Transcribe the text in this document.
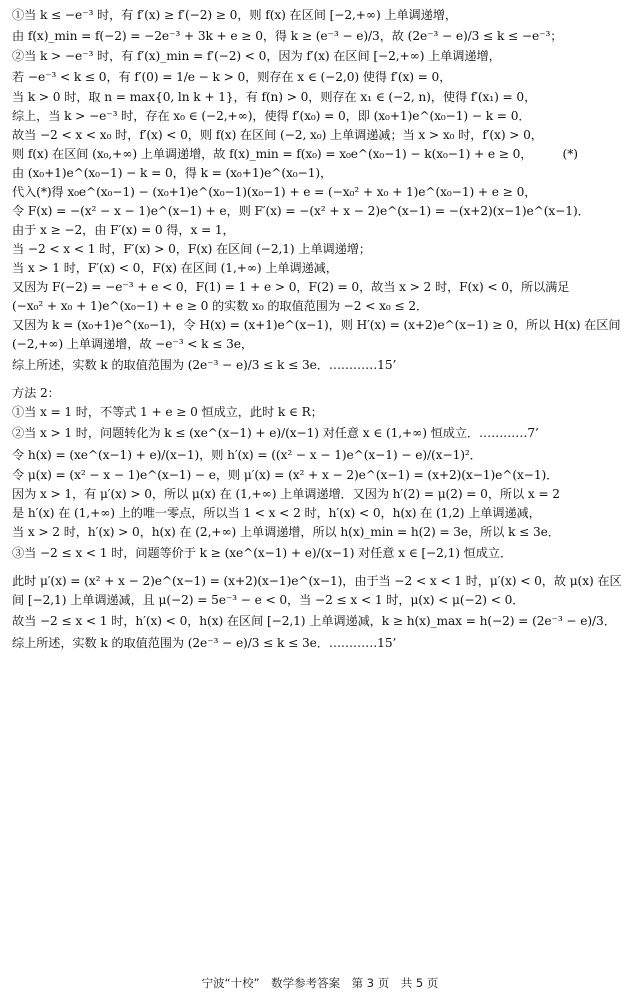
①当 k ≤ −e⁻³ 时，有 f′(x) ≥ f′(−2) ≥ 0，则 f(x) 在区间 [−2,+∞) 上单调递增，
由 f(x)_min = f(−2) = −2e⁻³ + 3k + e ≥ 0，得 k ≥ (e⁻³ − e)/3，故 (2e⁻³ − e)/3 ≤ k ≤ −e⁻³；
②当 k > −e⁻³ 时，有 f′(x)_min = f′(−2) < 0，因为 f′(x) 在区间 [−2,+∞) 上单调递增，
若 −e⁻³ < k ≤ 0，有 f′(0) = 1/e − k > 0，则存在 x ∈ (−2,0) 使得 f′(x) = 0，
当 k > 0 时，取 n = max{0, ln k + 1}，有 f(n) > 0，则存在 x₁ ∈ (−2, n)，使得 f′(x₁) = 0，
综上，当 k > −e⁻³ 时，存在 x₀ ∈ (−2,+∞)，使得 f′(x₀) = 0，即 (x₀+1)e^(x₀−1) − k = 0．
故当 −2 < x < x₀ 时，f′(x) < 0，则 f(x) 在区间 (−2, x₀) 上单调递减；当 x > x₀ 时，f′(x) > 0，
则 f(x) 在区间 (x₀,+∞) 上单调递增，故 f(x)_min = f(x₀) = x₀e^(x₀−1) − k(x₀−1) + e ≥ 0，　　　(*)
由 (x₀+1)e^(x₀−1) − k = 0，得 k = (x₀+1)e^(x₀−1)，
代入(*)得 x₀e^(x₀−1) − (x₀+1)e^(x₀−1)(x₀−1) + e = (−x₀² + x₀ + 1)e^(x₀−1) + e ≥ 0，
令 F(x) = −(x² − x − 1)e^(x−1) + e，则 F′(x) = −(x² + x − 2)e^(x−1) = −(x+2)(x−1)e^(x−1)．
由于 x ≥ −2，由 F′(x) = 0 得，x = 1，
当 −2 < x < 1 时，F′(x) > 0，F(x) 在区间 (−2,1) 上单调递增；
当 x > 1 时，F′(x) < 0，F(x) 在区间 (1,+∞) 上单调递减，
又因为 F(−2) = −e⁻³ + e < 0，F(1) = 1 + e > 0，F(2) = 0，故当 x > 2 时，F(x) < 0，所以满足
(−x₀² + x₀ + 1)e^(x₀−1) + e ≥ 0 的实数 x₀ 的取值范围为 −2 < x₀ ≤ 2．
又因为 k = (x₀+1)e^(x₀−1)，令 H(x) = (x+1)e^(x−1)，则 H′(x) = (x+2)e^(x−1) ≥ 0，所以 H(x) 在区间
(−2,+∞) 上单调递增，故 −e⁻³ < k ≤ 3e，
综上所述，实数 k 的取值范围为 (2e⁻³ − e)/3 ≤ k ≤ 3e．…………15’
方法 2：
①当 x = 1 时，不等式 1 + e ≥ 0 恒成立，此时 k ∈ R；
②当 x > 1 时，问题转化为 k ≤ (xe^(x−1) + e)/(x−1) 对任意 x ∈ (1,+∞) 恒成立．…………7’
令 h(x) = (xe^(x−1) + e)/(x−1)，则 h′(x) = ((x² − x − 1)e^(x−1) − e)/(x−1)²．
令 μ(x) = (x² − x − 1)e^(x−1) − e，则 μ′(x) = (x² + x − 2)e^(x−1) = (x+2)(x−1)e^(x−1)．
因为 x > 1，有 μ′(x) > 0，所以 μ(x) 在 (1,+∞) 上单调递增．又因为 h′(2) = μ(2) = 0，所以 x = 2
是 h′(x) 在 (1,+∞) 上的唯一零点，所以当 1 < x < 2 时，h′(x) < 0，h(x) 在 (1,2) 上单调递减，
当 x > 2 时，h′(x) > 0，h(x) 在 (2,+∞) 上单调递增，所以 h(x)_min = h(2) = 3e，所以 k ≤ 3e．
③当 −2 ≤ x < 1 时，问题等价于 k ≥ (xe^(x−1) + e)/(x−1) 对任意 x ∈ [−2,1) 恒成立．
此时 μ′(x) = (x² + x − 2)e^(x−1) = (x+2)(x−1)e^(x−1)，由于当 −2 < x < 1 时，μ′(x) < 0，故 μ(x) 在区
间 [−2,1) 上单调递减，且 μ(−2) = 5e⁻³ − e < 0，当 −2 ≤ x < 1 时，μ(x) < μ(−2) < 0．
故当 −2 ≤ x < 1 时，h′(x) < 0，h(x) 在区间 [−2,1) 上单调递减，k ≥ h(x)_max = h(−2) = (2e⁻³ − e)/3．
综上所述，实数 k 的取值范围为 (2e⁻³ − e)/3 ≤ k ≤ 3e．…………15’
宁波“十校”　数学参考答案　第 3 页　共 5 页
